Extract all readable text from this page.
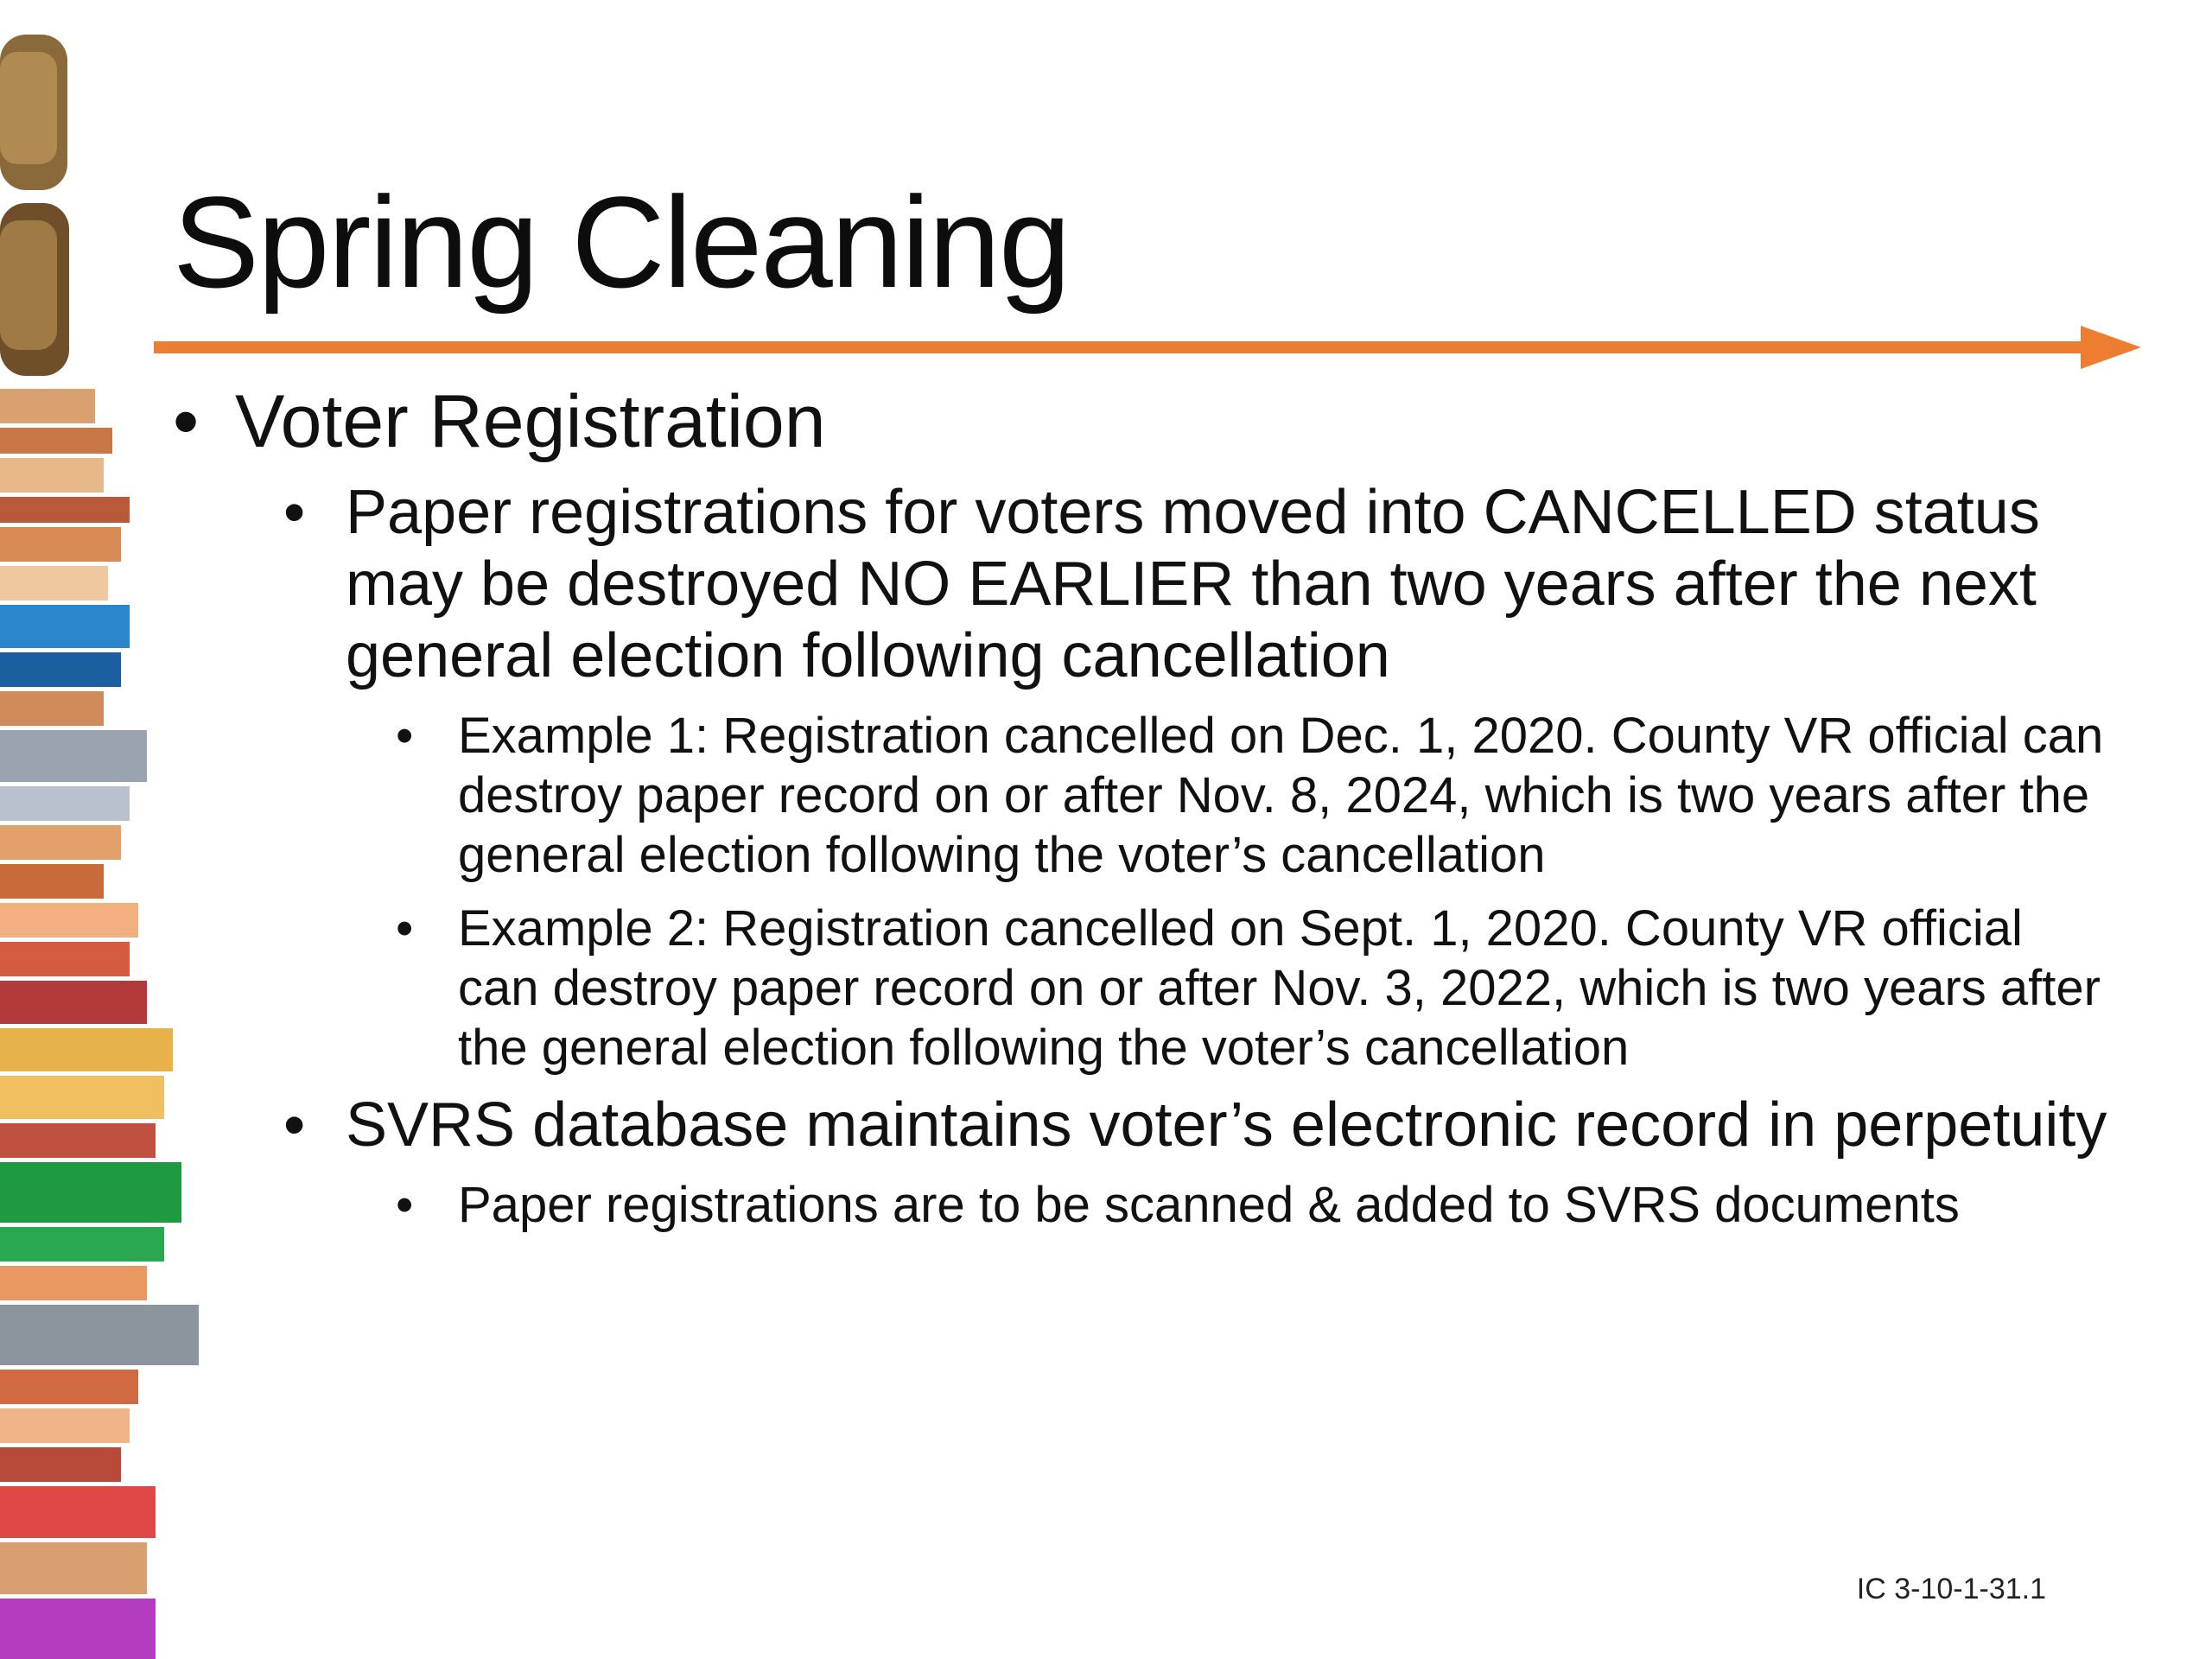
Spring Cleaning

• Voter Registration

• Paper registrations for voters moved into CANCELLED status may be destroyed NO EARLIER than two years after the next general election following cancellation

• Example 1: Registration cancelled on Dec. 1, 2020. County VR official can destroy paper record on or after Nov. 8, 2024, which is two years after the general election following the voter’s cancellation

• Example 2: Registration cancelled on Sept. 1, 2020. County VR official can destroy paper record on or after Nov. 3, 2022, which is two years after the general election following the voter’s cancellation

• SVRS database maintains voter’s electronic record in perpetuity

• Paper registrations are to be scanned & added to SVRS documents

IC 3-10-1-31.1
